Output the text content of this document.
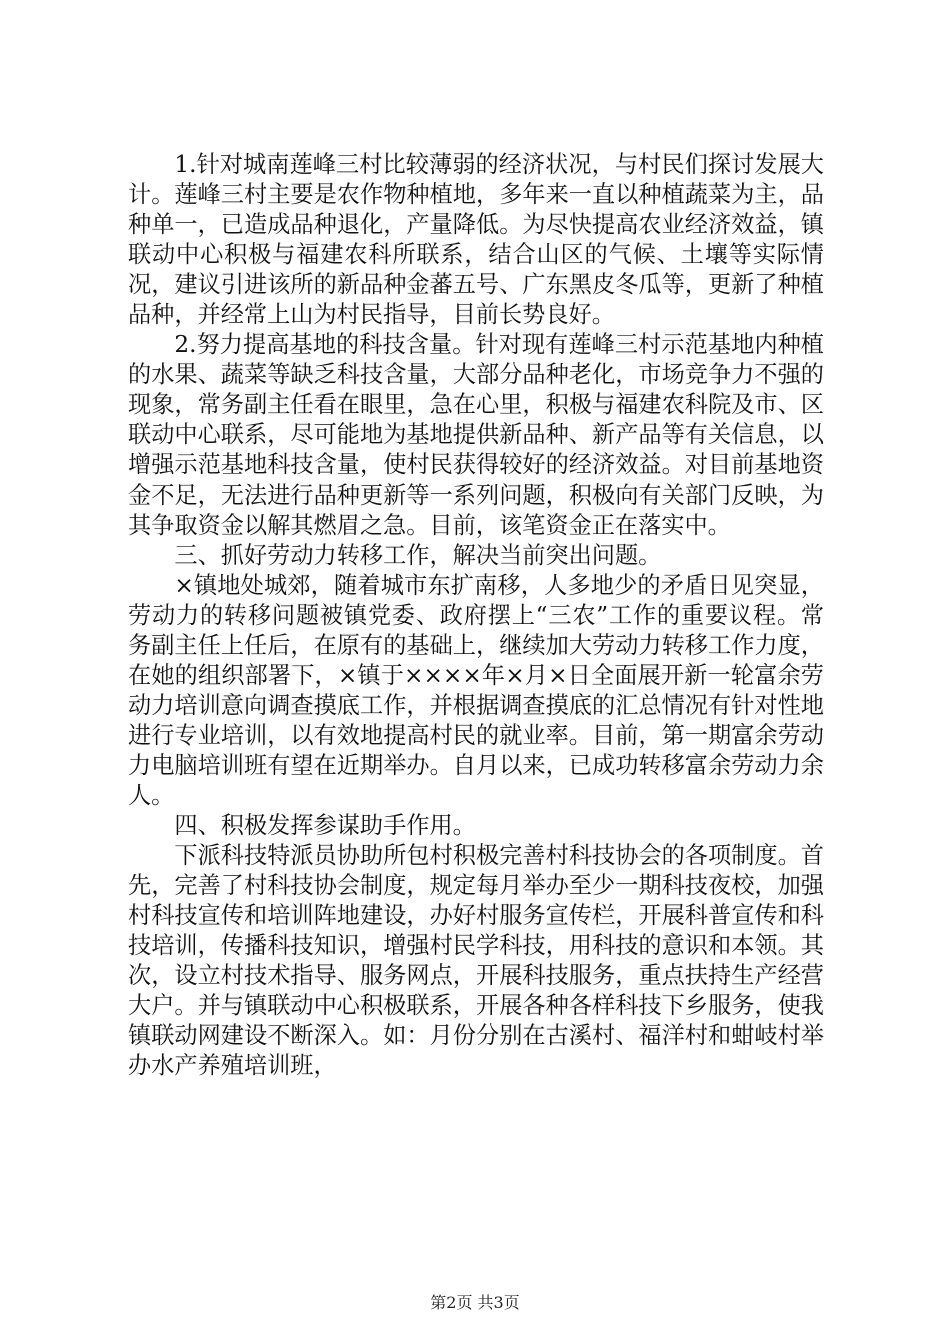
1.针对城南莲峰三村比较薄弱的经济状况，与村民们探讨发展大计。莲峰三村主要是农作物种植地，多年来一直以种植蔬菜为主，品种单一，已造成品种退化，产量降低。为尽快提高农业经济效益，镇联动中心积极与福建农科所联系，结合山区的气候、土壤等实际情况，建议引进该所的新品种金蕃五号、广东黑皮冬瓜等，更新了种植品种，并经常上山为村民指导，目前长势良好。

2.努力提高基地的科技含量。针对现有莲峰三村示范基地内种植的水果、蔬菜等缺乏科技含量，大部分品种老化，市场竞争力不强的现象，常务副主任看在眼里，急在心里，积极与福建农科院及市、区联动中心联系，尽可能地为基地提供新品种、新产品等有关信息，以增强示范基地科技含量，使村民获得较好的经济效益。对目前基地资金不足，无法进行品种更新等一系列问题，积极向有关部门反映，为其争取资金以解其燃眉之急。目前，该笔资金正在落实中。

三、抓好劳动力转移工作，解决当前突出问题。

×镇地处城郊，随着城市东扩南移，人多地少的矛盾日见突显，劳动力的转移问题被镇党委、政府摆上“三农”工作的重要议程。常务副主任上任后，在原有的基础上，继续加大劳动力转移工作力度，在她的组织部署下，×镇于××××年×月×日全面展开新一轮富余劳动力培训意向调查摸底工作，并根据调查摸底的汇总情况有针对性地进行专业培训，以有效地提高村民的就业率。目前，第一期富余劳动力电脑培训班有望在近期举办。自月以来，已成功转移富余劳动力余人。

四、积极发挥参谋助手作用。

下派科技特派员协助所包村积极完善村科技协会的各项制度。首先，完善了村科技协会制度，规定每月举办至少一期科技夜校，加强村科技宣传和培训阵地建设，办好村服务宣传栏，开展科普宣传和科技培训，传播科技知识，增强村民学科技，用科技的意识和本领。其次，设立村技术指导、服务网点，开展科技服务，重点扶持生产经营大户。并与镇联动中心积极联系，开展各种各样科技下乡服务，使我镇联动网建设不断深入。如：月份分别在古溪村、福洋村和蚶岐村举办水产养殖培训班，

第2页 共3页
